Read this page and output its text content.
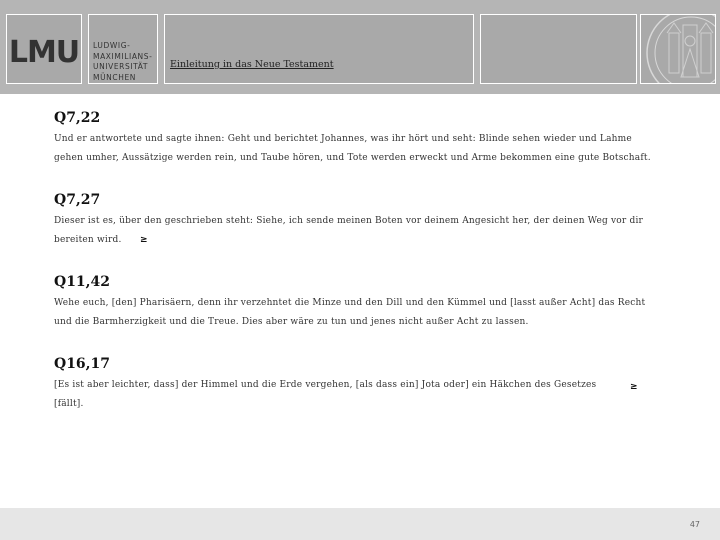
LMU LUDWIG-
MAXIMILIANS-
UNIVERSITÄT
MÜNCHEN
Einleitung in das Neue Testament
Q7,22

Und er antwortete und sagte ihnen: Geht und berichtet Johannes, was ihr hört und seht: Blinde sehen wieder und Lahme gehen umher, Aussätzige werden rein, und Taube hören, und Tote werden erweckt und Arme bekommen eine gute Botschaft.

Q7,27

Dieser ist es, über den geschrieben steht: Siehe, ich sende meinen Boten vor deinem Angesicht her, der deinen Weg vor dir bereiten wird.	≥
Q11,42

Wehe euch, [den] Pharisäern, denn ihr verzehntet die Minze und den Dill und den Kümmel und [lasst außer Acht] das Recht und die Barmherzigkeit und die Treue. Dies aber wäre zu tun und jenes nicht außer Acht zu lassen.

Q16,17

[Es ist aber leichter, dass] der Himmel und die Erde vergehen, [als dass ein] Jota oder] ein Häkchen des Gesetzes [fällt].

≥
47
